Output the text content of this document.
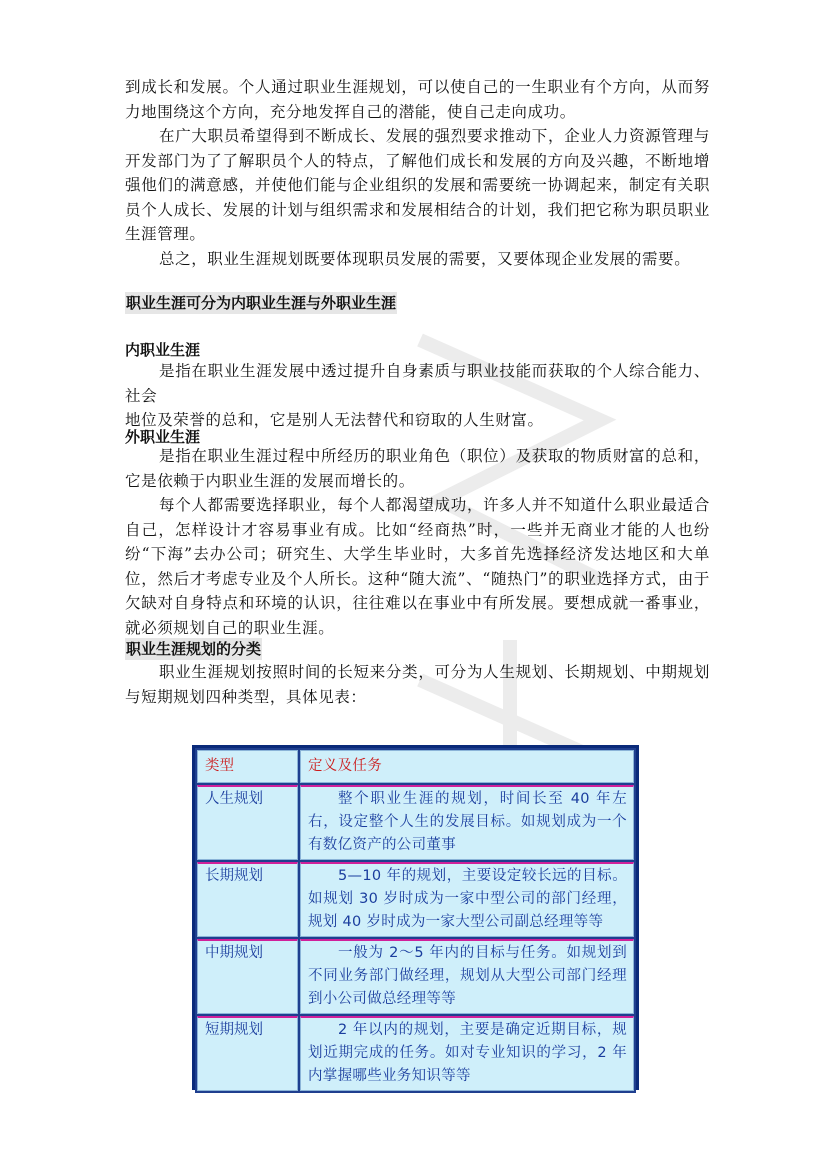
到成长和发展。个人通过职业生涯规划，可以使自己的一生职业有个方向，从而努力地围绕这个方向，充分地发挥自己的潜能，使自己走向成功。

在广大职员希望得到不断成长、发展的强烈要求推动下，企业人力资源管理与开发部门为了了解职员个人的特点，了解他们成长和发展的方向及兴趣，不断地增强他们的满意感，并使他们能与企业组织的发展和需要统一协调起来，制定有关职员个人成长、发展的计划与组织需求和发展相结合的计划，我们把它称为职员职业生涯管理。

总之，职业生涯规划既要体现职员发展的需要，又要体现企业发展的需要。

职业生涯可分为内职业生涯与外职业生涯
内职业生涯

是指在职业生涯发展中透过提升自身素质与职业技能而获取的个人综合能力、社会

地位及荣誉的总和，它是别人无法替代和窃取的人生财富。

外职业生涯

是指在职业生涯过程中所经历的职业角色（职位）及获取的物质财富的总和，它是依赖于内职业生涯的发展而增长的。

每个人都需要选择职业，每个人都渴望成功，许多人并不知道什么职业最适合自己，怎样设计才容易事业有成。比如“经商热”时，一些并无商业才能的人也纷纷“下海”去办公司；研究生、大学生毕业时，大多首先选择经济发达地区和大单位，然后才考虑专业及个人所长。这种“随大流”、“随热门”的职业选择方式，由于欠缺对自身特点和环境的认识，往往难以在事业中有所发展。要想成就一番事业，就必须规划自己的职业生涯。

职业生涯规划的分类

职业生涯规划按照时间的长短来分类，可分为人生规划、长期规划、中期规划与短期规划四种类型，具体见表：

类型	定义及任务
人生规划	整个职业生涯的规划，时间长至 40 年左右，设定整个人生的发展目标。如规划成为一个有数亿资产的公司董事
长期规划	5—10 年的规划，主要设定较长远的目标。如规划 30 岁时成为一家中型公司的部门经理，规划 40 岁时成为一家大型公司副总经理等等
中期规划	一般为 2～5 年内的目标与任务。如规划到不同业务部门做经理，规划从大型公司部门经理到小公司做总经理等等
短期规划	2 年以内的规划，主要是确定近期目标，规划近期完成的任务。如对专业知识的学习，2 年内掌握哪些业务知识等等
